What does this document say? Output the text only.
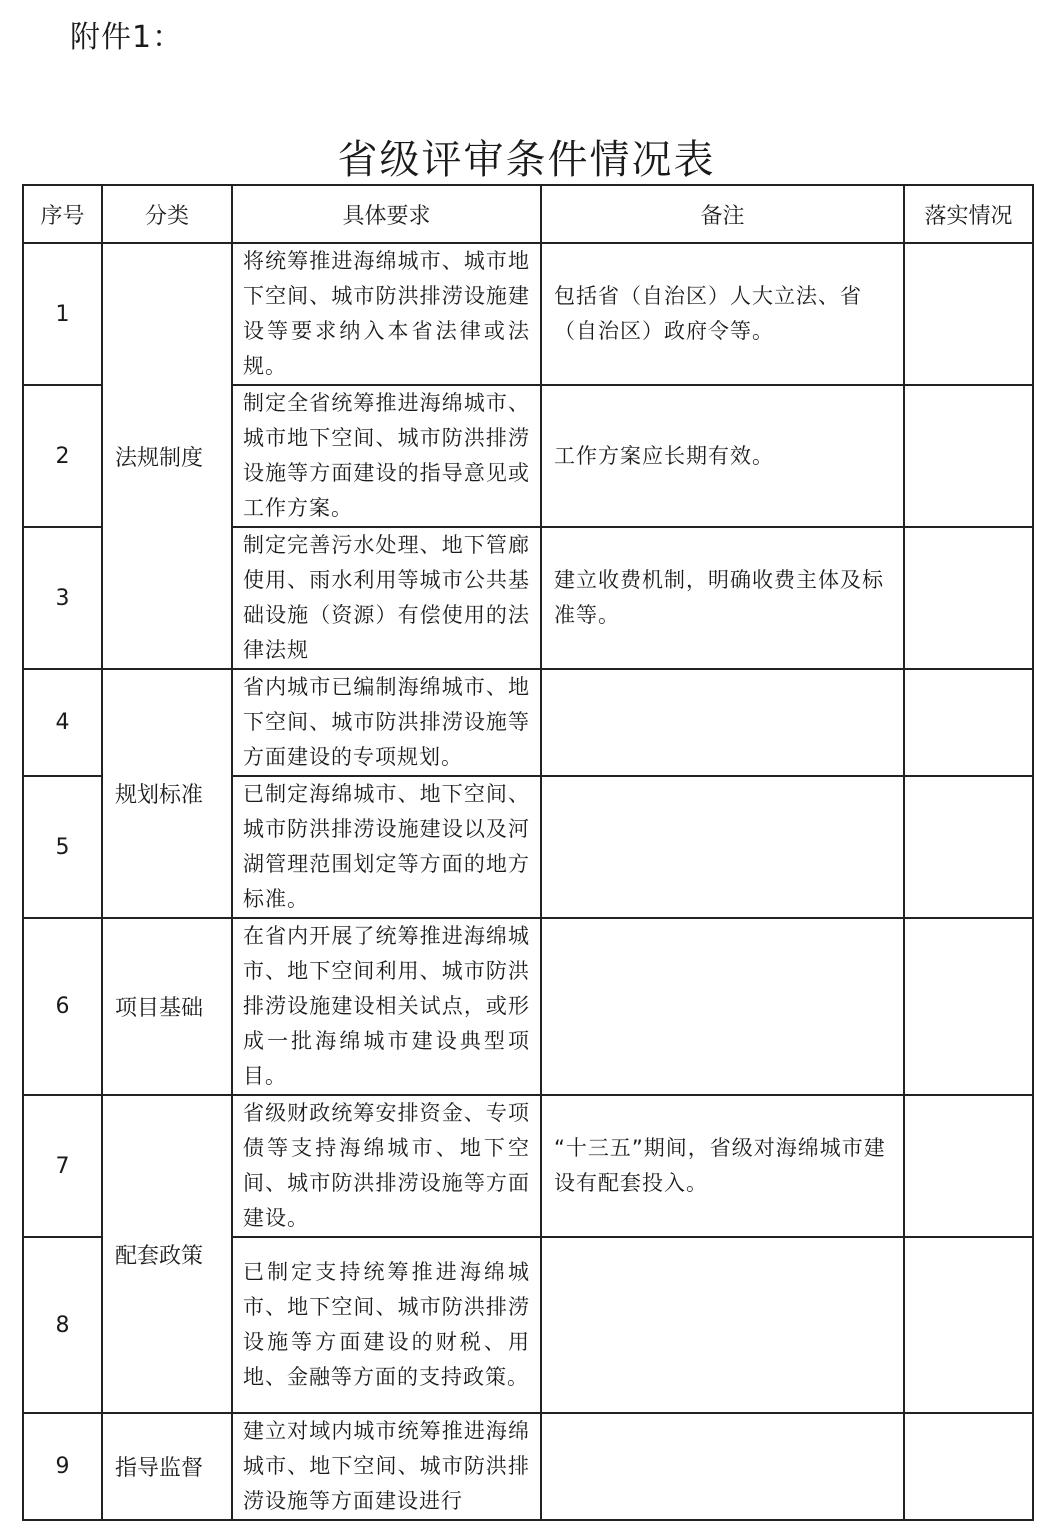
附件1：
省级评审条件情况表
序号	分类	具体要求	备注	落实情况
1	法规制度	将统筹推进海绵城市、城市地下空间、城市防洪排涝设施建设等要求纳入本省法律或法规。	包括省（自治区）人大立法、省（自治区）政府令等。	
2		制定全省统筹推进海绵城市、城市地下空间、城市防洪排涝设施等方面建设的指导意见或工作方案。	工作方案应长期有效。	
3		制定完善污水处理、地下管廊使用、雨水利用等城市公共基础设施（资源）有偿使用的法律法规	建立收费机制，明确收费主体及标准等。	
4	规划标准	省内城市已编制海绵城市、地下空间、城市防洪排涝设施等方面建设的专项规划。		
5		已制定海绵城市、地下空间、城市防洪排涝设施建设以及河湖管理范围划定等方面的地方标准。		
6	项目基础	在省内开展了统筹推进海绵城市、地下空间利用、城市防洪排涝设施建设相关试点，或形成一批海绵城市建设典型项目。		
7	配套政策	省级财政统筹安排资金、专项债等支持海绵城市、地下空间、城市防洪排涝设施等方面建设。	“十三五”期间，省级对海绵城市建设有配套投入。	
8		已制定支持统筹推进海绵城市、地下空间、城市防洪排涝设施等方面建设的财税、用地、金融等方面的支持政策。		
9	指导监督	建立对域内城市统筹推进海绵城市、地下空间、城市防洪排涝设施等方面建设进行		
